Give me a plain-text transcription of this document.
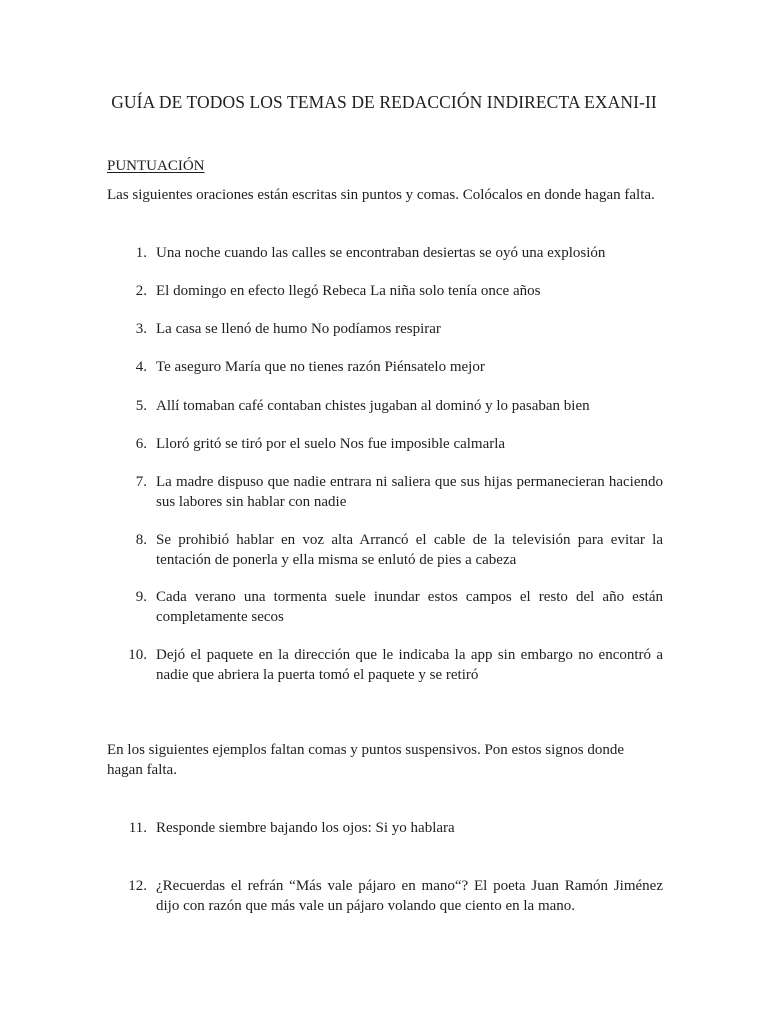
GUÍA DE TODOS LOS TEMAS DE REDACCIÓN INDIRECTA EXANI-II
PUNTUACIÓN
Las siguientes oraciones están escritas sin puntos y comas. Colócalos en donde hagan falta.
1. Una noche cuando las calles se encontraban desiertas se oyó una explosión
2. El domingo en efecto llegó Rebeca La niña solo tenía once años
3. La casa se llenó de humo No podíamos respirar
4. Te aseguro María que no tienes razón Piénsatelo mejor
5. Allí tomaban café contaban chistes jugaban al dominó y lo pasaban bien
6. Lloró gritó se tiró por el suelo Nos fue imposible calmarla
7. La madre dispuso que nadie entrara ni saliera que sus hijas permanecieran haciendo sus labores sin hablar con nadie
8. Se prohibió hablar en voz alta Arrancó el cable de la televisión para evitar la tentación de ponerla y ella misma se enlutó de pies a cabeza
9. Cada verano una tormenta suele inundar estos campos el resto del año están completamente secos
10. Dejó el paquete en la dirección que le indicaba la app sin embargo no encontró a nadie que abriera la puerta tomó el paquete y se retiró
En los siguientes ejemplos faltan comas y puntos suspensivos. Pon estos signos donde hagan falta.
11. Responde siembre bajando los ojos: Si yo hablara
12. ¿Recuerdas el refrán “Más vale pájaro en mano“? El poeta Juan Ramón Jiménez dijo con razón que más vale un pájaro volando que ciento en la mano.
